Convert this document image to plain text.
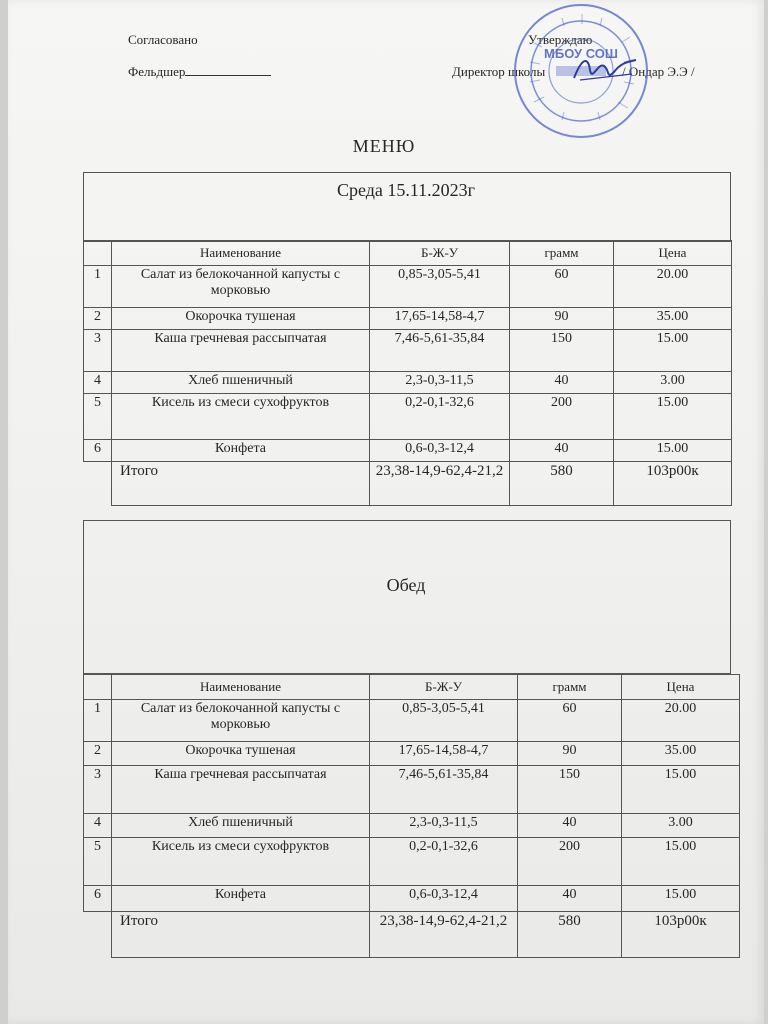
Согласовано
Фельдшер
Утверждаю
Директор школы	/ Ондар Э.Э /
МБОУ СОШ
МЕНЮ
Среда 15.11.2023г
	Наименование	Б-Ж-У	грамм	Цена
1	Салат из белокочанной капусты с морковью	0,85-3,05-5,41	60	20.00
2	Окорочка тушеная	17,65-14,58-4,7	90	35.00
3	Каша гречневая рассыпчатая	7,46-5,61-35,84	150	15.00
4	Хлеб пшеничный	2,3-0,3-11,5	40	3.00
5	Кисель из смеси сухофруктов	0,2-0,1-32,6	200	15.00
6	Конфета	0,6-0,3-12,4	40	15.00
	Итого	23,38-14,9-62,4-21,2	580	103р00к
Обед
	Наименование	Б-Ж-У	грамм	Цена
1	Салат из белокочанной капусты с морковью	0,85-3,05-5,41	60	20.00
2	Окорочка тушеная	17,65-14,58-4,7	90	35.00
3	Каша гречневая рассыпчатая	7,46-5,61-35,84	150	15.00
4	Хлеб пшеничный	2,3-0,3-11,5	40	3.00
5	Кисель из смеси сухофруктов	0,2-0,1-32,6	200	15.00
6	Конфета	0,6-0,3-12,4	40	15.00
	Итого	23,38-14,9-62,4-21,2	580	103р00к
